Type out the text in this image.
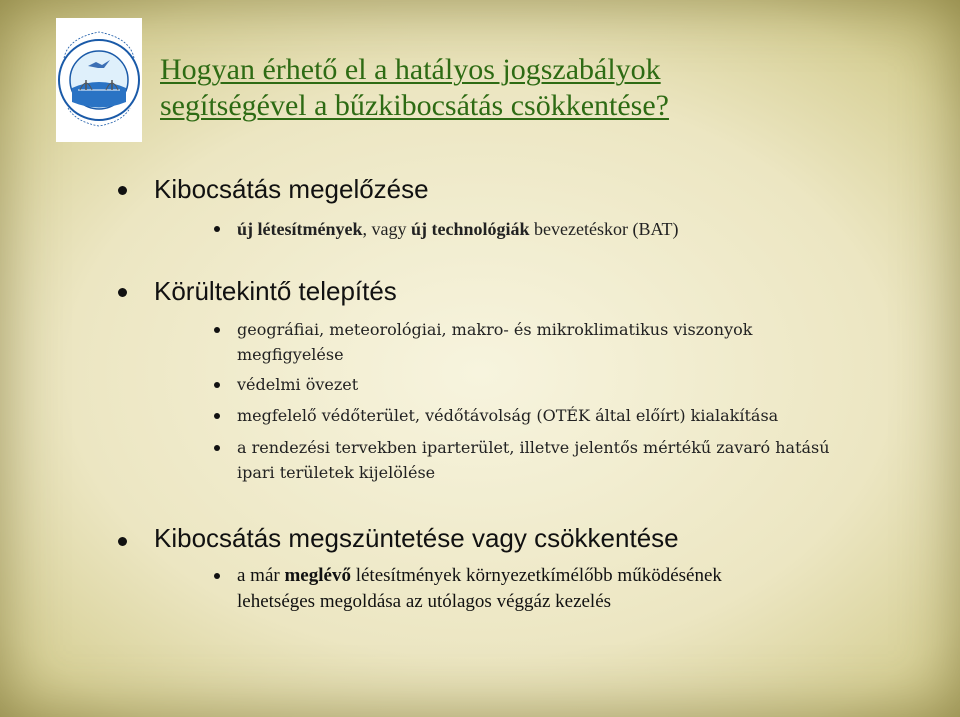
Hogyan érhető el a hatályos jogszabályok
segítségével a bűzkibocsátás csökkentése?
Kibocsátás megelőzése
új létesítmények, vagy új technológiák bevezetéskor (BAT)
Körültekintő telepítés
geográfiai, meteorológiai, makro- és mikroklimatikus viszonyok
megfigyelése
védelmi övezet
megfelelő védőterület, védőtávolság (OTÉK által előírt) kialakítása
a rendezési tervekben iparterület, illetve jelentős mértékű zavaró hatású
ipari területek kijelölése
Kibocsátás megszüntetése vagy csökkentése
a már meglévő létesítmények környezetkímélőbb működésének
lehetséges megoldása az utólagos véggáz kezelés
